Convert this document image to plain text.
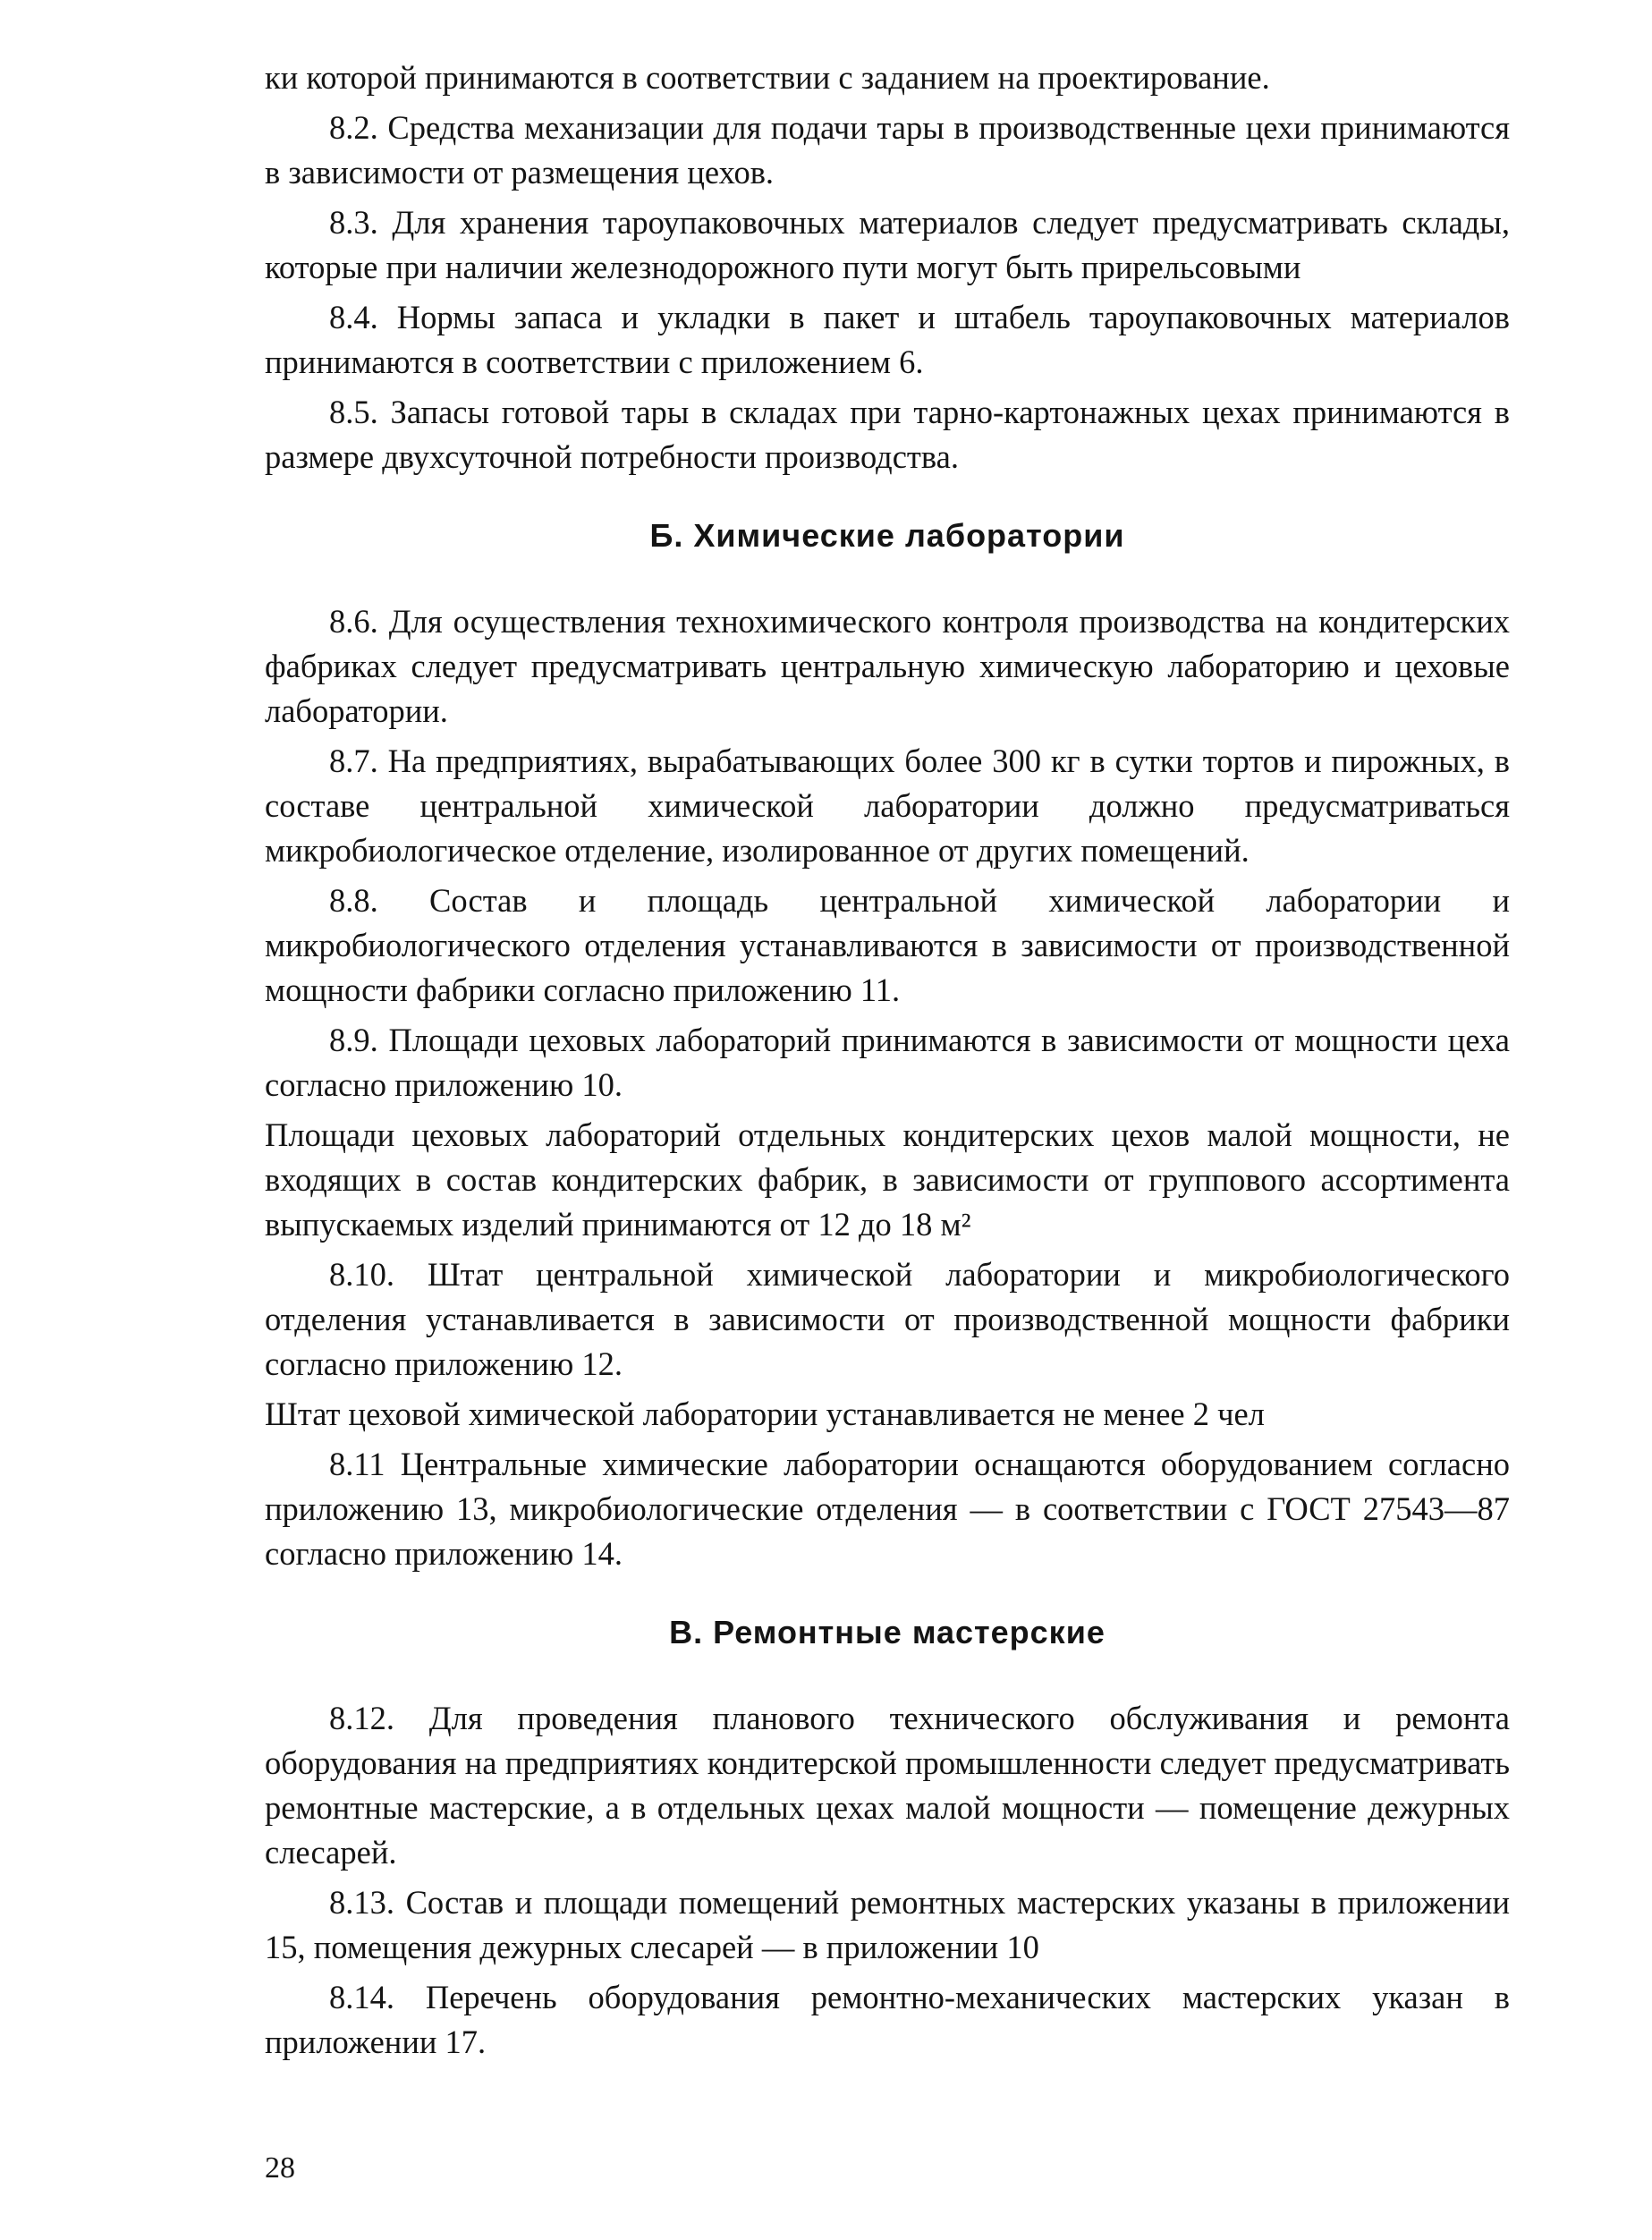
ки которой принимаются в соответствии с заданием на проектирование.

8.2. Средства механизации для подачи тары в производственные цехи принимаются в зависимости от размещения цехов.

8.3. Для хранения тароупаковочных материалов следует предусматривать склады, которые при наличии железнодорожного пути могут быть прирельсовыми

8.4. Нормы запаса и укладки в пакет и штабель тароупаковочных материалов принимаются в соответствии с приложением 6.

8.5. Запасы готовой тары в складах при тарно-картонажных цехах принимаются в размере двухсуточной потребности производства.

Б. Химические лаборатории

8.6. Для осуществления технохимического контроля производства на кондитерских фабриках следует предусматривать центральную химическую лабораторию и цеховые лаборатории.

8.7. На предприятиях, вырабатывающих более 300 кг в сутки тортов и пирожных, в составе центральной химической лаборатории должно предусматриваться микробиологическое отделение, изолированное от других помещений.

8.8. Состав и площадь центральной химической лаборатории и микробиологического отделения устанавливаются в зависимости от производственной мощности фабрики согласно приложению 11.

8.9. Площади цеховых лабораторий принимаются в зависимости от мощности цеха согласно приложению 10.

Площади цеховых лабораторий отдельных кондитерских цехов малой мощности, не входящих в состав кондитерских фабрик, в зависимости от группового ассортимента выпускаемых изделий принимаются от 12 до 18 м²

8.10. Штат центральной химической лаборатории и микробиологического отделения устанавливается в зависимости от производственной мощности фабрики согласно приложению 12.

Штат цеховой химической лаборатории устанавливается не менее 2 чел

8.11 Центральные химические лаборатории оснащаются оборудованием согласно приложению 13, микробиологические отделения — в соответствии с ГОСТ 27543—87 согласно приложению 14.

В. Ремонтные мастерские

8.12. Для проведения планового технического обслуживания и ремонта оборудования на предприятиях кондитерской промышленности следует предусматривать ремонтные мастерские, а в отдельных цехах малой мощности — помещение дежурных слесарей.

8.13. Состав и площади помещений ремонтных мастерских указаны в приложении 15, помещения дежурных слесарей — в приложении 10

8.14. Перечень оборудования ремонтно-механических мастерских указан в приложении 17.

28
